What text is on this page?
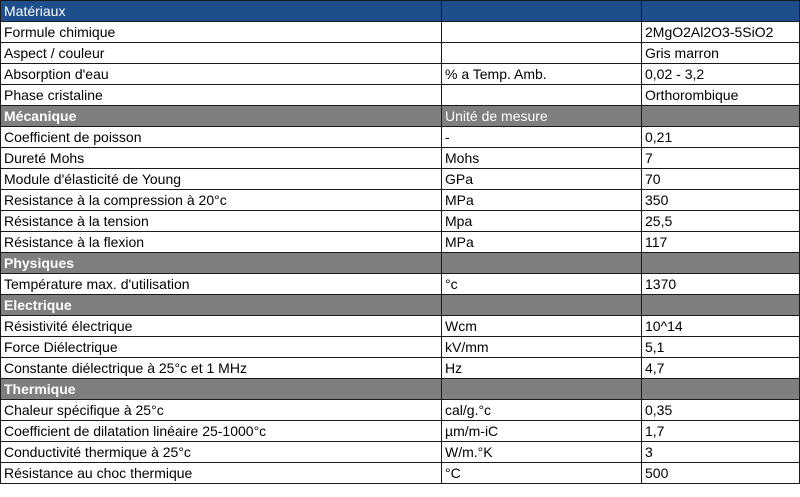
Matériaux		
Formule chimique		2MgO2Al2O3-5SiO2
Aspect / couleur		Gris marron
Absorption d'eau	% a Temp. Amb.	0,02 - 3,2
Phase cristaline		Orthorombique
Mécanique	Unité de mesure	
Coefficient de poisson	-	0,21
Dureté Mohs	Mohs	7
Module d'élasticité de Young	GPa	70
Resistance à la compression à 20°c	MPa	350
Résistance à la tension	Mpa	25,5
Résistance à la flexion	MPa	117
Physiques		
Température max. d'utilisation	°c	1370
Electrique		
Résistivité électrique	Wcm	10^14
Force Diélectrique	kV/mm	5,1
Constante diélectrique à 25°c et 1 MHz	Hz	4,7
Thermique		
Chaleur spécifique à 25°c	cal/g.°c	0,35
Coefficient de dilatation linéaire 25-1000°c	µm/m-iC	1,7
Conductivité thermique à 25°c	W/m.°K	3
Résistance au choc thermique	°C	500
